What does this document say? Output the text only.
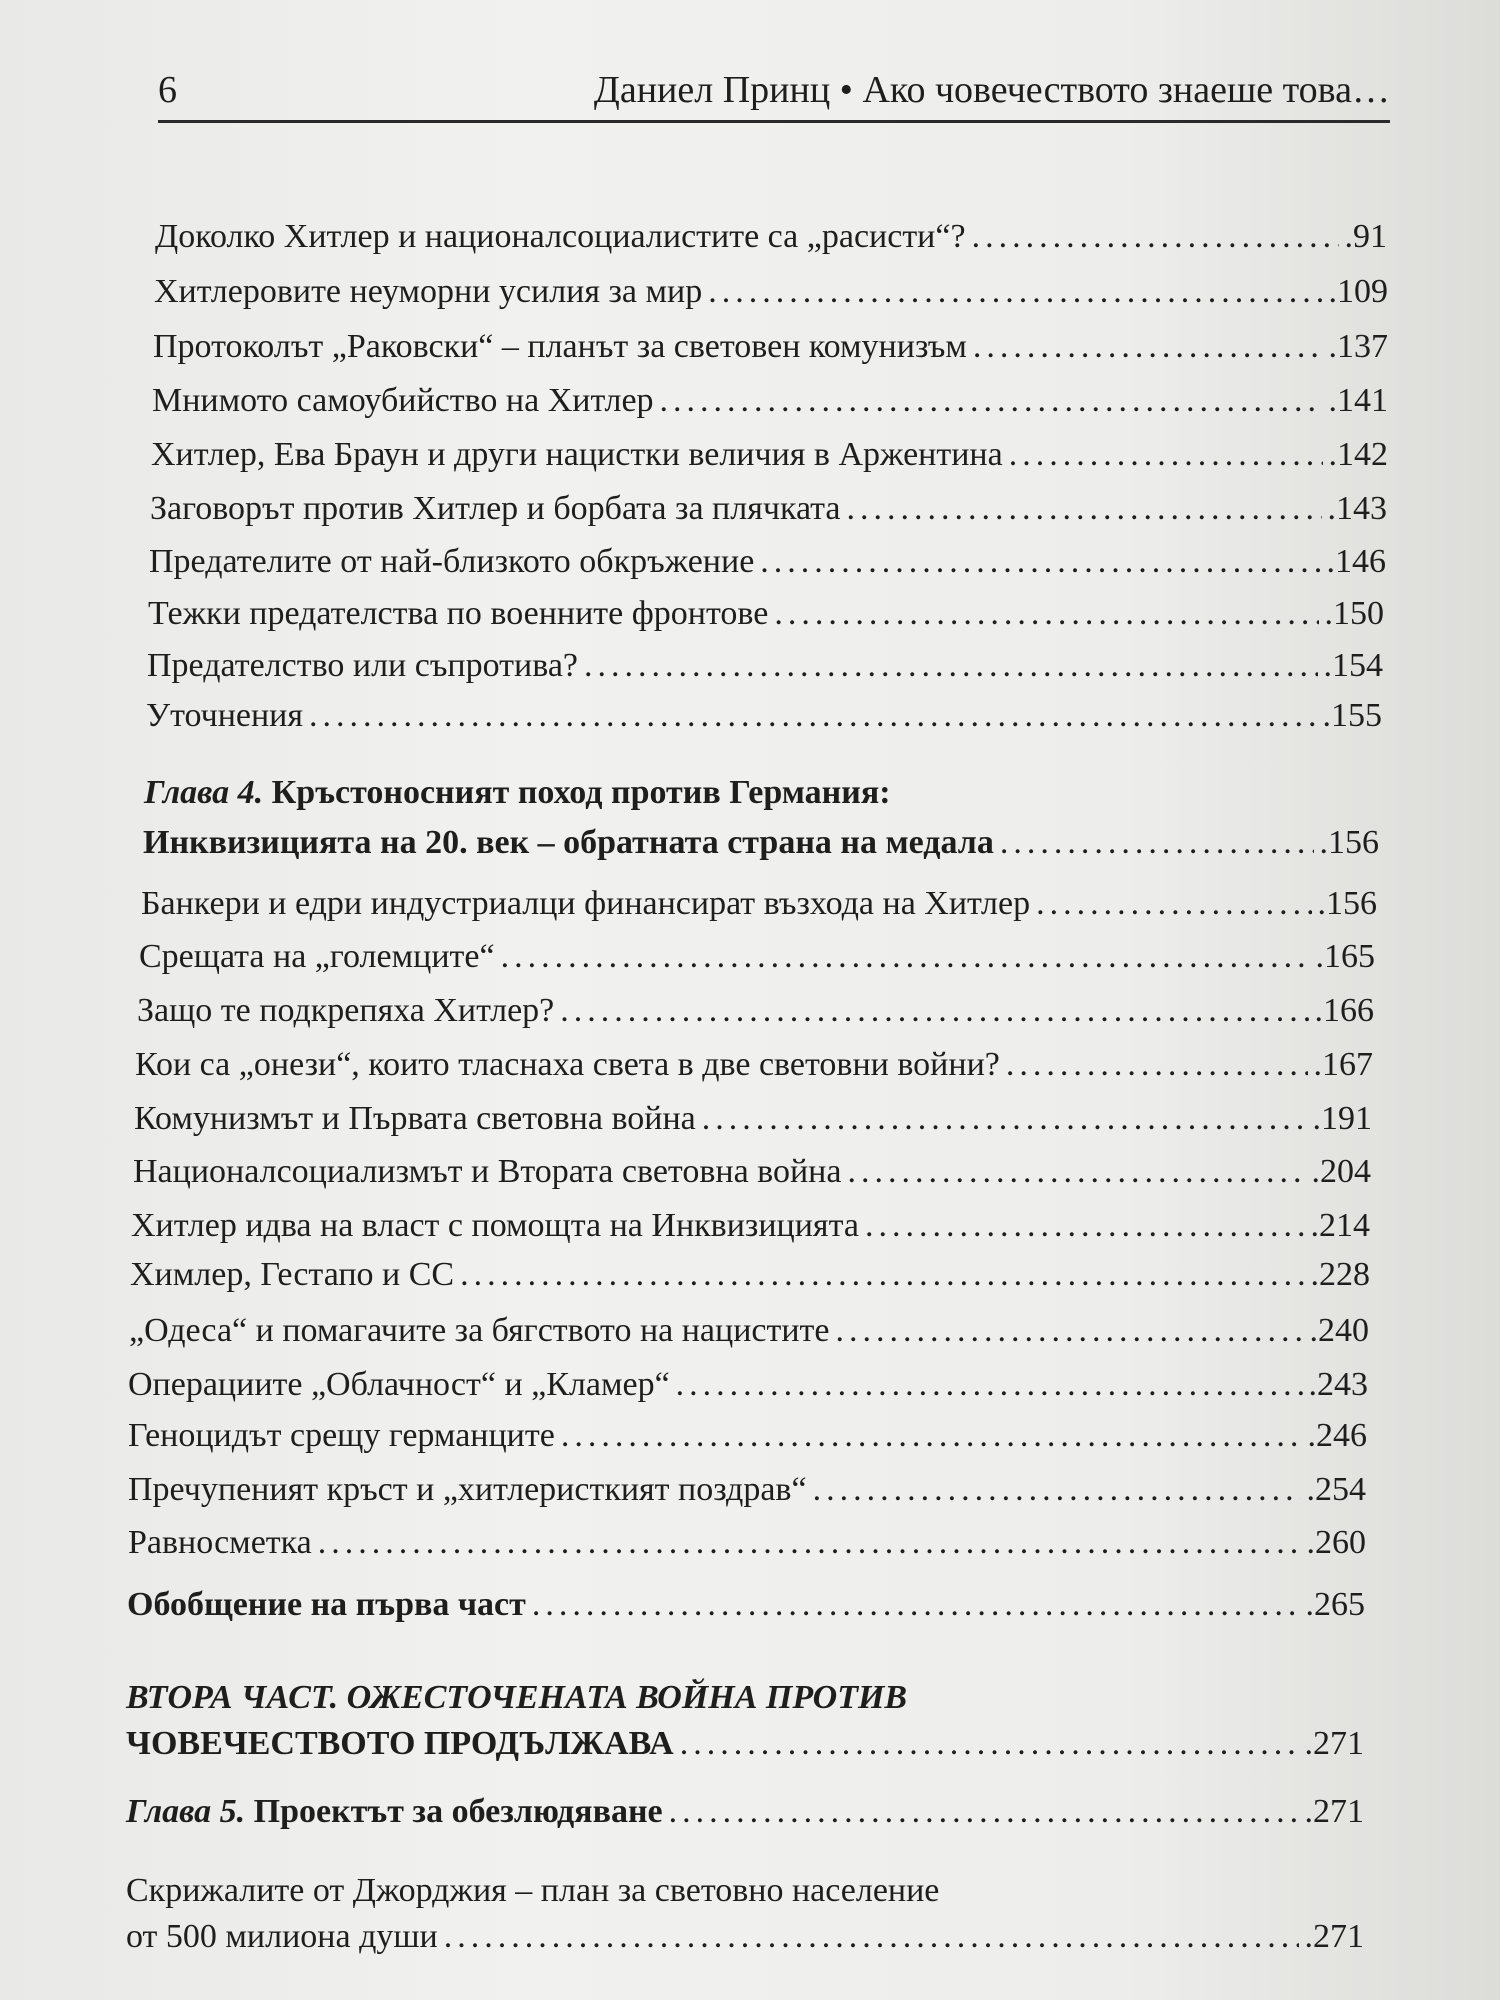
6	Даниел Принц • Ако човечеството знаеше това…
Доколко Хитлер и националсоциалистите са „расисти“? .....	.91
Хитлеровите неуморни усилия за мир .....	.109
Протоколът „Раковски“ – планът за световен комунизъм .....	.137
Мнимото самоубийство на Хитлер .....	.141
Хитлер, Ева Браун и други нацистки величия в Аржентина .....	.142
Заговорът против Хитлер и борбата за плячката .....	.143
Предателите от най-близкото обкръжение .....	.146
Тежки предателства по военните фронтове .....	.150
Предателство или съпротива? .....	.154
Уточнения .....	.155
Глава 4. Кръстоносният поход против Германия:
Инквизицията на 20. век – обратната страна на медала .....	.156
Банкери и едри индустриалци финансират възхода на Хитлер .....	.156
Срещата на „големците“ .....	.165
Защо те подкрепяха Хитлер? .....	.166
Кои са „онези“, които тласнаха света в две световни войни? .....	.167
Комунизмът и Първата световна война .....	.191
Националсоциализмът и Втората световна война .....	.204
Хитлер идва на власт с помощта на Инквизицията .....	.214
Химлер, Гестапо и СС .....	.228
„Одеса“ и помагачите за бягството на нацистите .....	.240
Операциите „Облачност“ и „Кламер“ .....	.243
Геноцидът срещу германците .....	.246
Пречупеният кръст и „хитлеристкият поздрав“ .....	.254
Равносметка .....	.260
Обобщение на първа част .....	.265
ВТОРА ЧАСТ. ОЖЕСТОЧЕНАТА ВОЙНА ПРОТИВ
ЧОВЕЧЕСТВОТО ПРОДЪЛЖАВА .....	.271
Глава 5. Проектът за обезлюдяване .....	.271
Скрижалите от Джорджия – план за световно население
от 500 милиона души .....	.271
